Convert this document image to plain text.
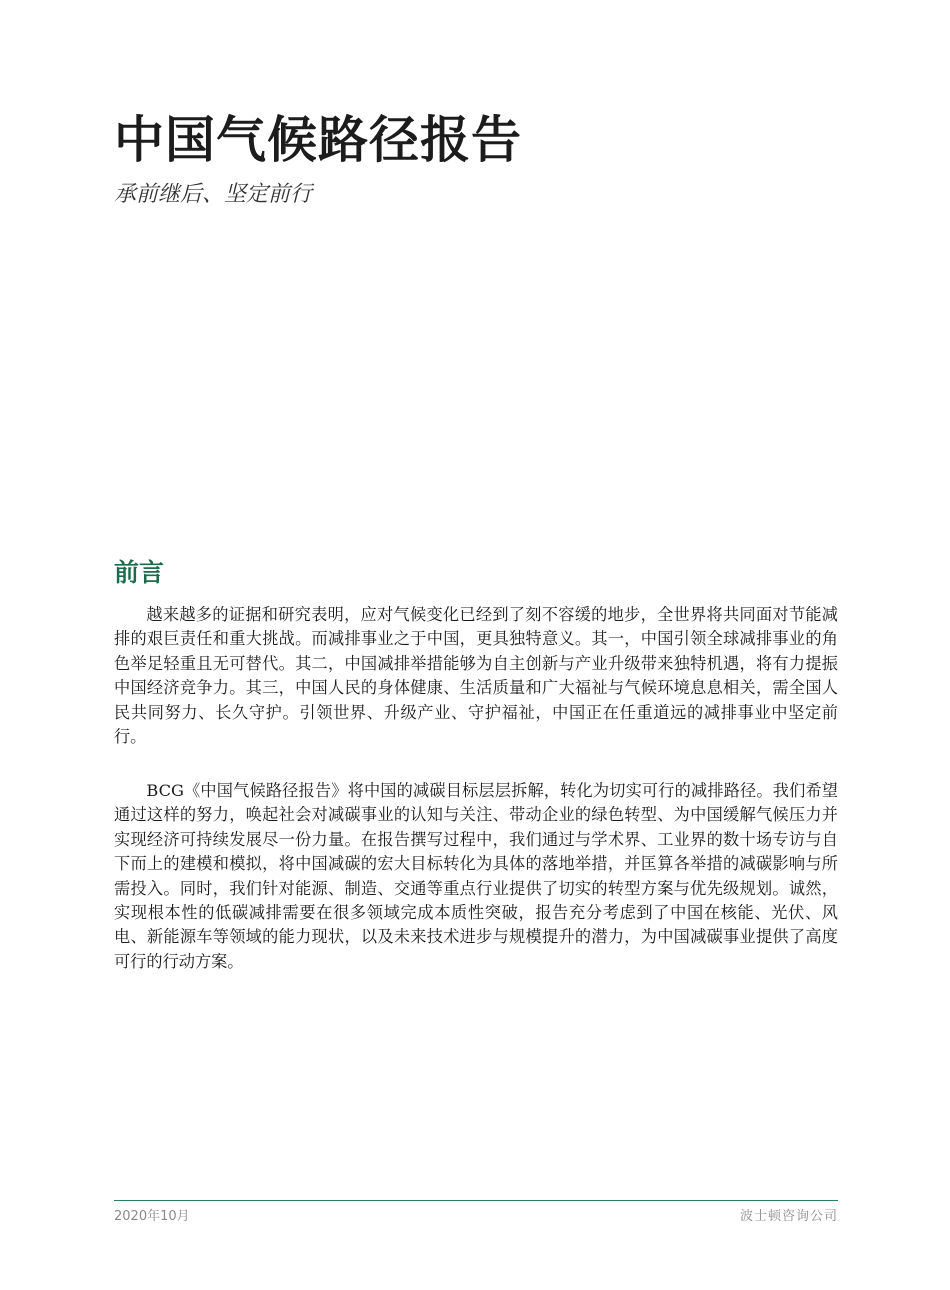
中国气候路径报告
承前继后、坚定前行
前言

越来越多的证据和研究表明，应对气候变化已经到了刻不容缓的地步，全世界将共同面对节能减排的艰巨责任和重大挑战。而减排事业之于中国，更具独特意义。其一，中国引领全球减排事业的角色举足轻重且无可替代。其二，中国减排举措能够为自主创新与产业升级带来独特机遇，将有力提振中国经济竞争力。其三，中国人民的身体健康、生活质量和广大福祉与气候环境息息相关，需全国人民共同努力、长久守护。引领世界、升级产业、守护福祉，中国正在任重道远的减排事业中坚定前行。

BCG《中国气候路径报告》将中国的减碳目标层层拆解，转化为切实可行的减排路径。我们希望通过这样的努力，唤起社会对减碳事业的认知与关注、带动企业的绿色转型、为中国缓解气候压力并实现经济可持续发展尽一份力量。在报告撰写过程中，我们通过与学术界、工业界的数十场专访与自下而上的建模和模拟，将中国减碳的宏大目标转化为具体的落地举措，并匡算各举措的减碳影响与所需投入。同时，我们针对能源、制造、交通等重点行业提供了切实的转型方案与优先级规划。诚然，实现根本性的低碳减排需要在很多领域完成本质性突破，报告充分考虑到了中国在核能、光伏、风电、新能源车等领域的能力现状，以及未来技术进步与规模提升的潜力，为中国减碳事业提供了高度可行的行动方案。

2020年10月	波士顿咨询公司
